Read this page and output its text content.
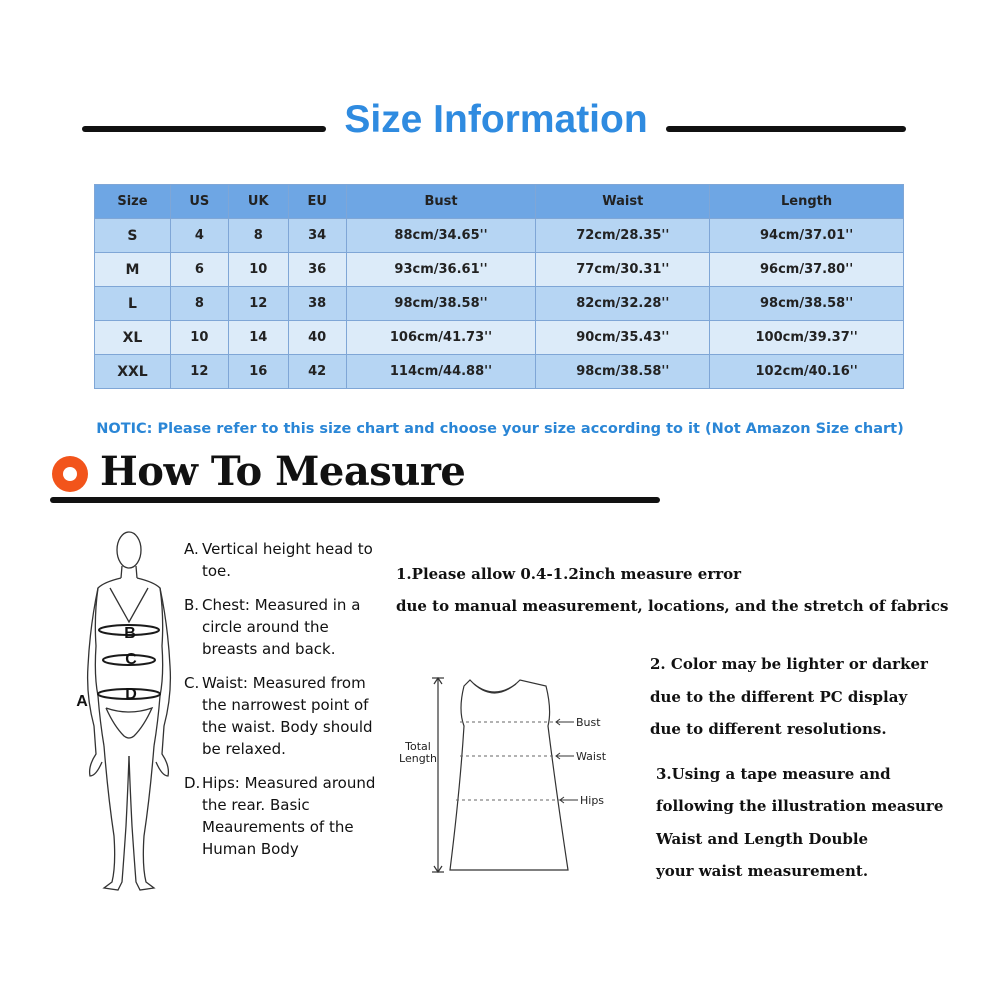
Size Information
Size	US	UK	EU	Bust	Waist	Length
S	4	8	34	88cm/34.65''	72cm/28.35''	94cm/37.01''
M	6	10	36	93cm/36.61''	77cm/30.31''	96cm/37.80''
L	8	12	38	98cm/38.58''	82cm/32.28''	98cm/38.58''
XL	10	14	40	106cm/41.73''	90cm/35.43''	100cm/39.37''
XXL	12	16	42	114cm/44.88''	98cm/38.58''	102cm/40.16''
NOTIC: Please refer to this size chart and choose your size according to it (Not Amazon Size chart)
How To Measure
B
C
D
A
A. Vertical height head to toe.
B. Chest: Measured in a circle around the breasts and back.
C. Waist: Measured from the narrowest point of the waist. Body should be relaxed.
D. Hips: Measured around the rear. Basic Meaurements of the Human Body
Total
Length
Bust
Waist
Hips
1.Please allow 0.4-1.2inch measure error
due to manual measurement, locations, and the stretch of fabrics
2. Color may be lighter or darker
due to the different PC display
due to different resolutions.
3.Using a tape measure and
following the illustration measure
Waist and Length Double
your waist measurement.
